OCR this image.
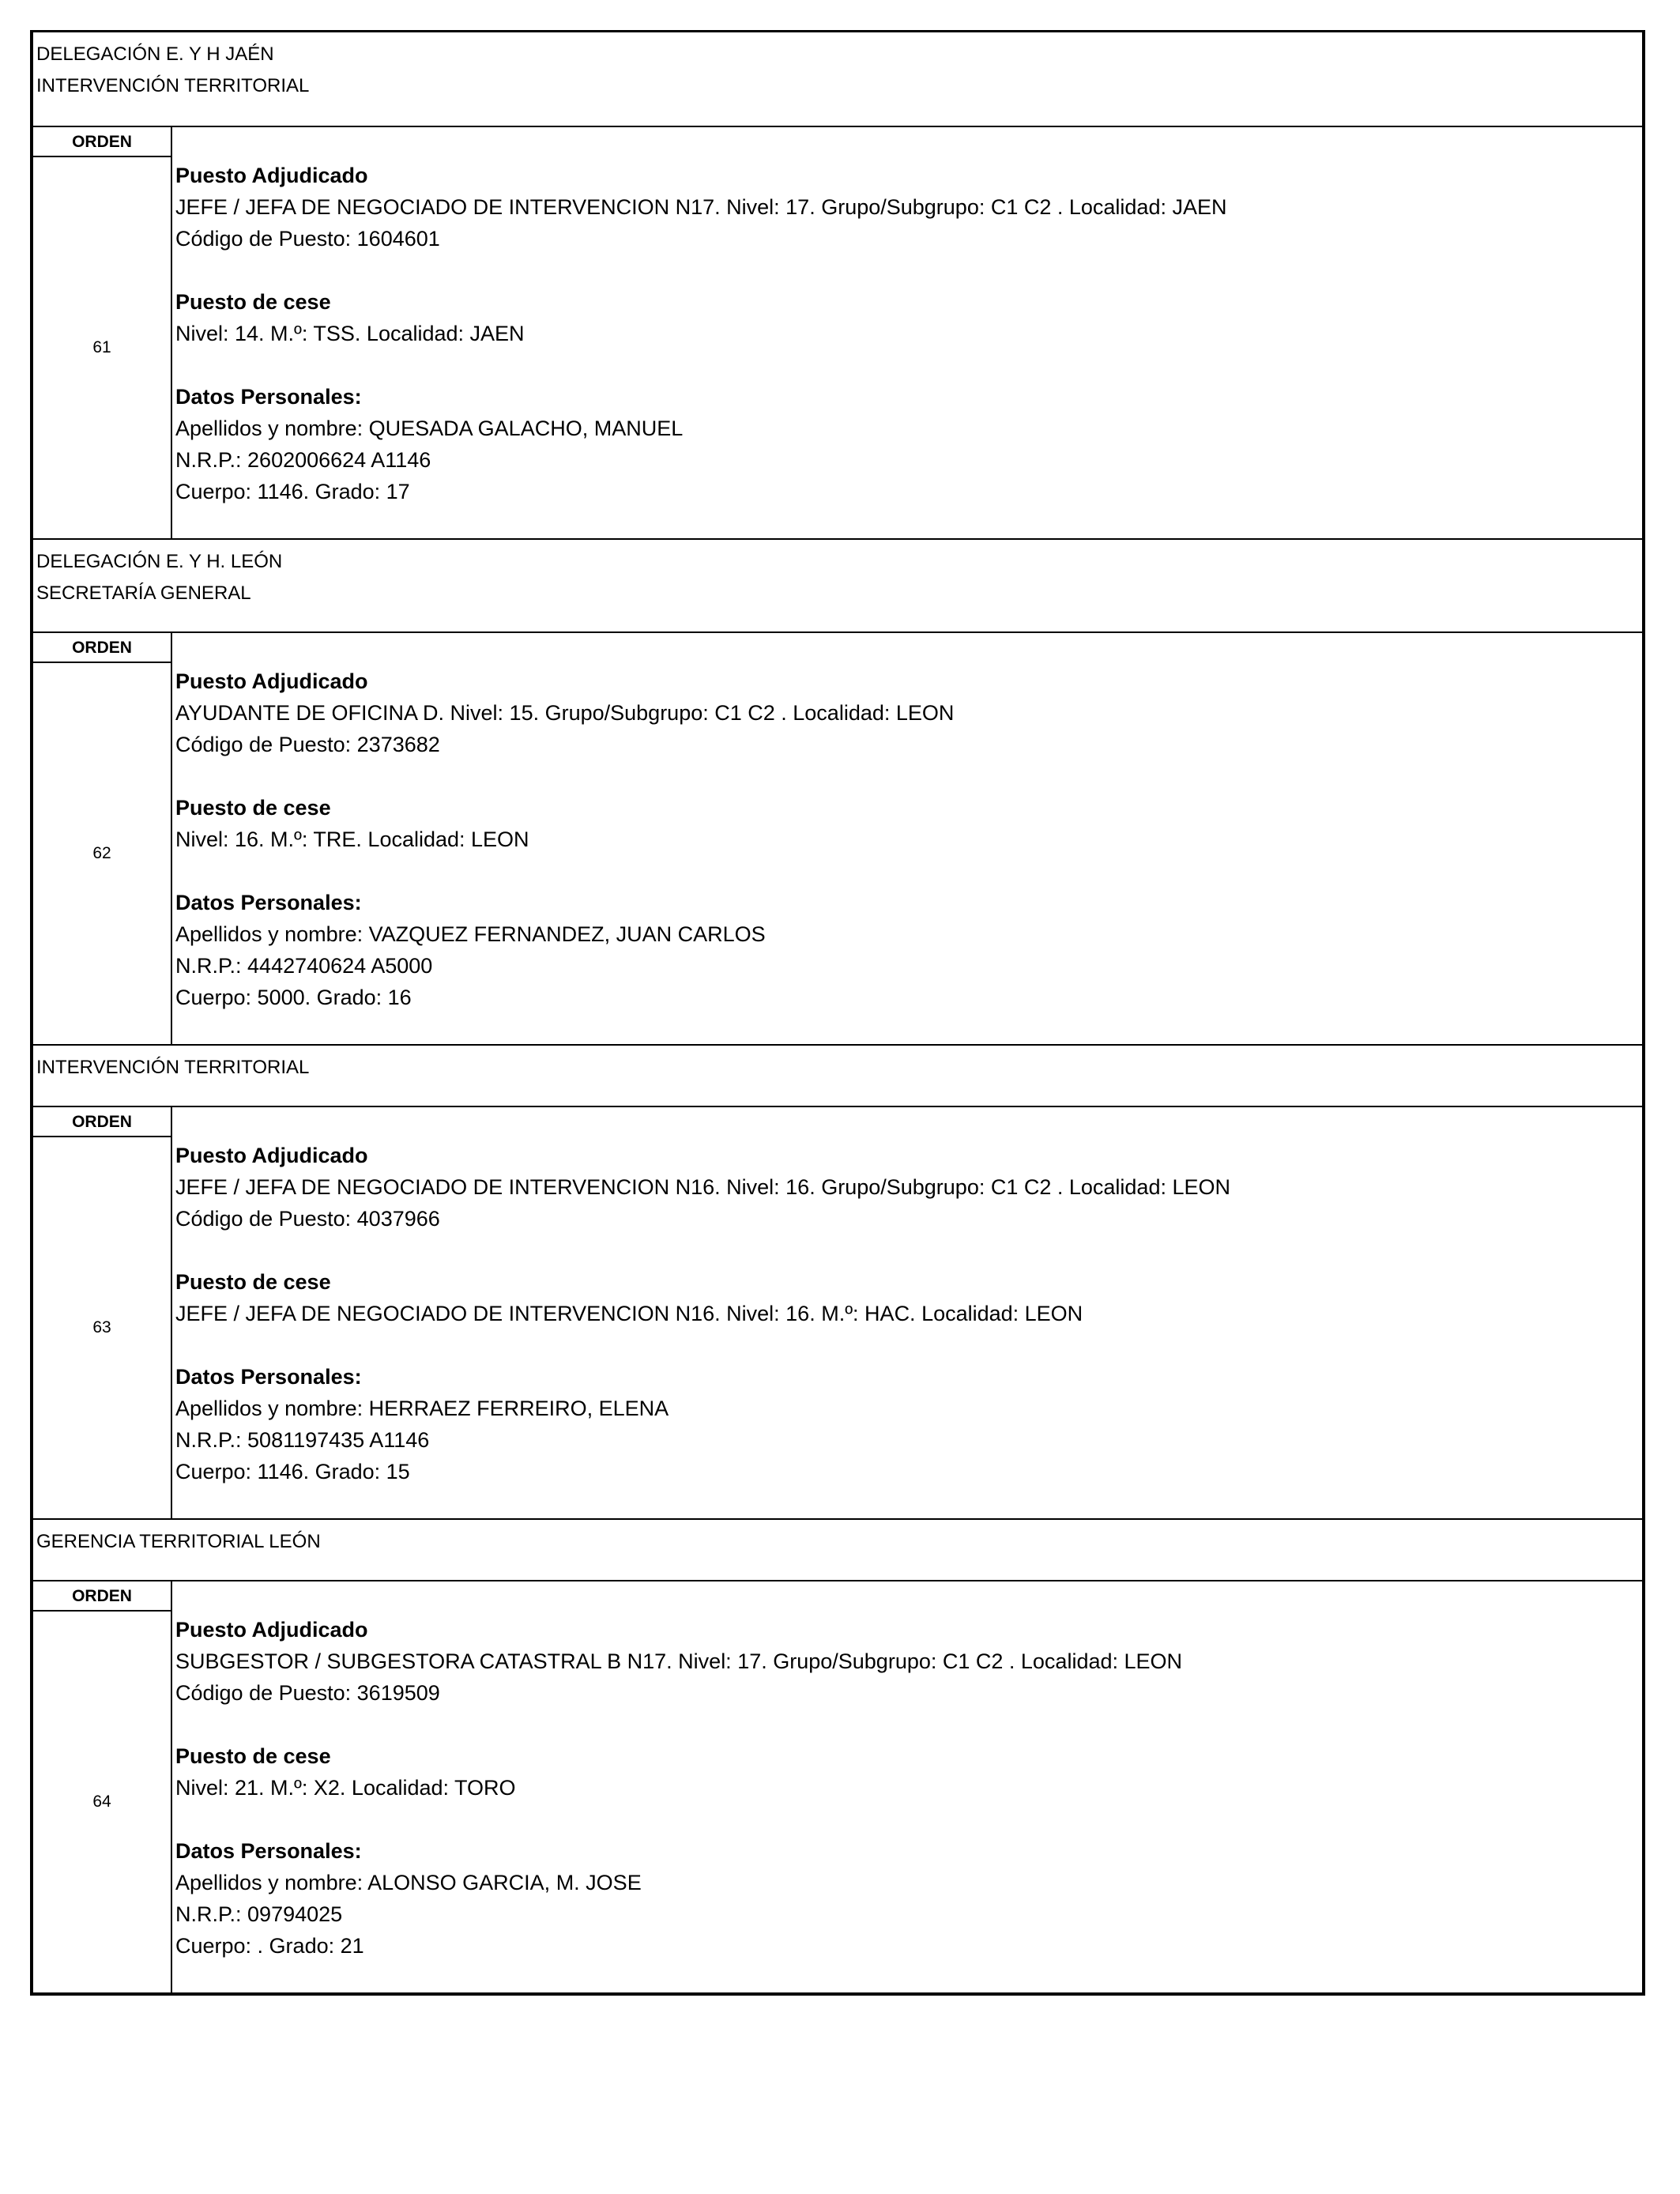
DELEGACIÓN E. Y H JAÉN
INTERVENCIÓN TERRITORIAL
ORDEN
61
Puesto Adjudicado
JEFE / JEFA DE NEGOCIADO DE INTERVENCION N17. Nivel: 17. Grupo/Subgrupo: C1 C2 . Localidad: JAEN
Código de Puesto: 1604601
Puesto de cese
Nivel: 14. M.º: TSS. Localidad: JAEN
Datos Personales:
Apellidos y nombre: QUESADA GALACHO, MANUEL
N.R.P.: 2602006624 A1146
Cuerpo: 1146. Grado: 17
DELEGACIÓN E. Y H. LEÓN
SECRETARÍA GENERAL
ORDEN
62
Puesto Adjudicado
AYUDANTE DE OFICINA D. Nivel: 15. Grupo/Subgrupo: C1 C2 . Localidad: LEON
Código de Puesto: 2373682
Puesto de cese
Nivel: 16. M.º: TRE. Localidad: LEON
Datos Personales:
Apellidos y nombre: VAZQUEZ FERNANDEZ, JUAN CARLOS
N.R.P.: 4442740624 A5000
Cuerpo: 5000. Grado: 16
INTERVENCIÓN TERRITORIAL
ORDEN
63
Puesto Adjudicado
JEFE / JEFA DE NEGOCIADO DE INTERVENCION N16. Nivel: 16. Grupo/Subgrupo: C1 C2 . Localidad: LEON
Código de Puesto: 4037966
Puesto de cese
JEFE / JEFA DE NEGOCIADO DE INTERVENCION N16. Nivel: 16. M.º: HAC. Localidad: LEON
Datos Personales:
Apellidos y nombre: HERRAEZ FERREIRO, ELENA
N.R.P.: 5081197435 A1146
Cuerpo: 1146. Grado: 15
GERENCIA TERRITORIAL LEÓN
ORDEN
64
Puesto Adjudicado
SUBGESTOR / SUBGESTORA CATASTRAL B N17. Nivel: 17. Grupo/Subgrupo: C1 C2 . Localidad: LEON
Código de Puesto: 3619509
Puesto de cese
Nivel: 21. M.º: X2. Localidad: TORO
Datos Personales:
Apellidos y nombre: ALONSO GARCIA, M. JOSE
N.R.P.: 09794025
Cuerpo: . Grado: 21
